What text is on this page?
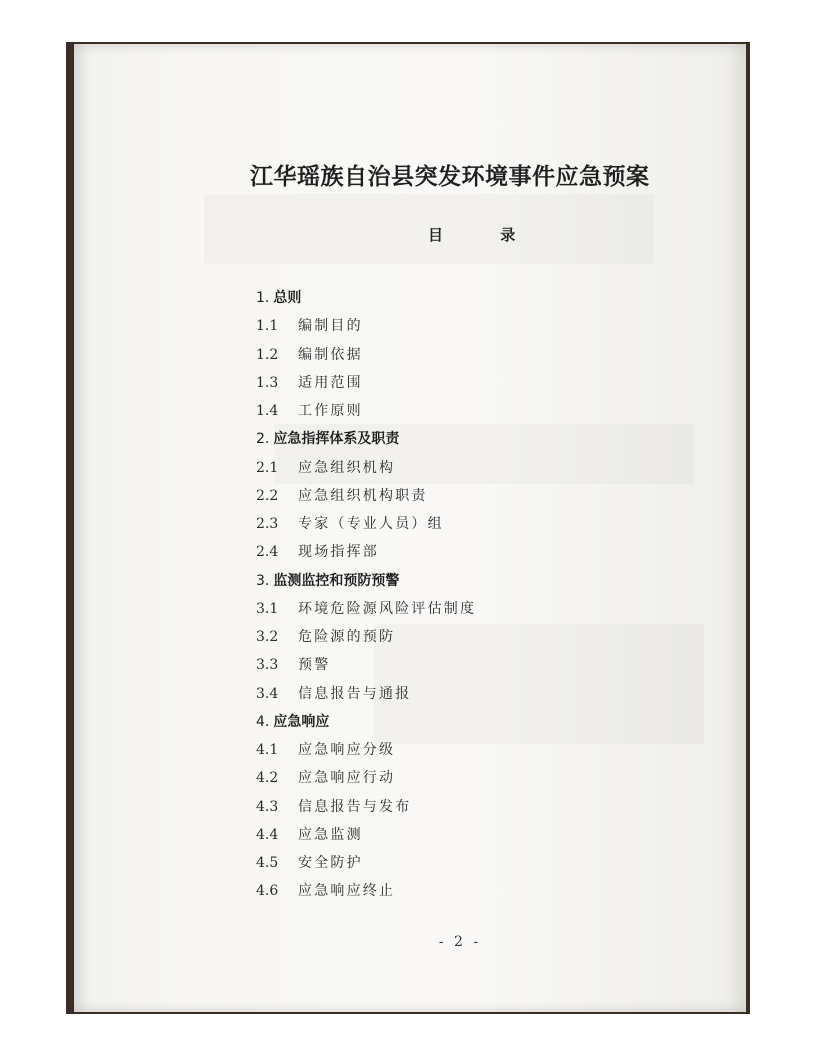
江华瑶族自治县突发环境事件应急预案
目 录
1. 总则
1.1 编制目的
1.2 编制依据
1.3 适用范围
1.4 工作原则
2. 应急指挥体系及职责
2.1 应急组织机构
2.2 应急组织机构职责
2.3 专家（专业人员）组
2.4 现场指挥部
3. 监测监控和预防预警
3.1 环境危险源风险评估制度
3.2 危险源的预防
3.3 预警
3.4 信息报告与通报
4. 应急响应
4.1 应急响应分级
4.2 应急响应行动
4.3 信息报告与发布
4.4 应急监测
4.5 安全防护
4.6 应急响应终止
- 2 -
